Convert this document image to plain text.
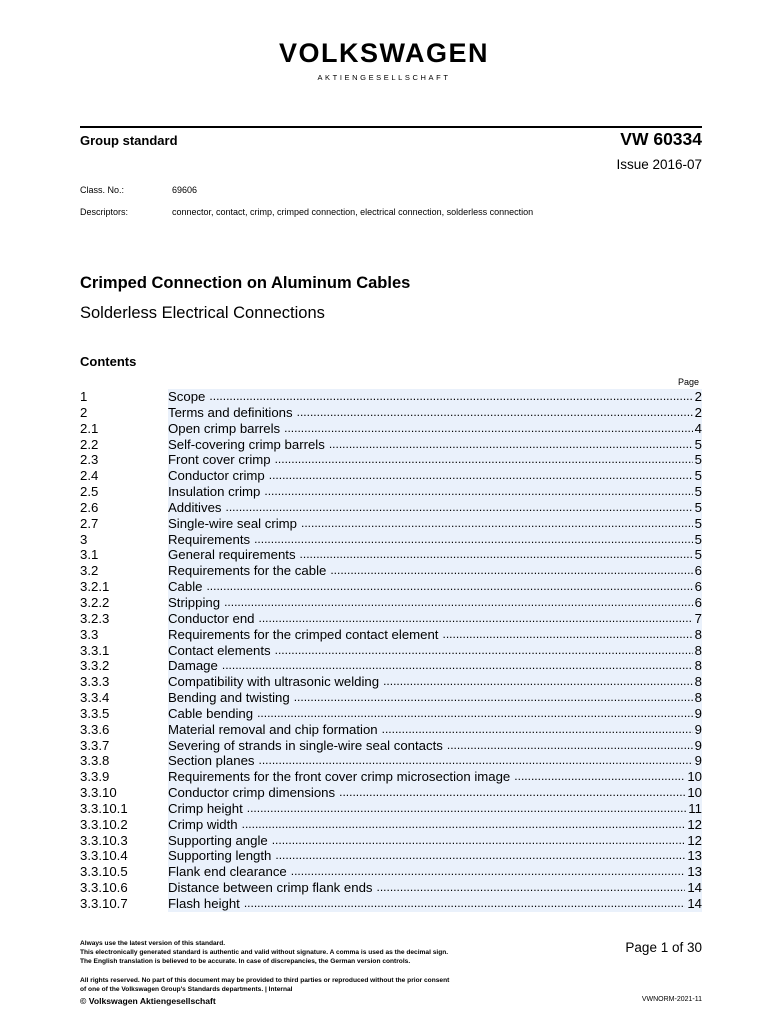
VOLKSWAGEN
AKTIENGESELLSCHAFT
Group standard	VW 60334
Issue 2016-07
Class. No.:	69606
Descriptors:	connector, contact, crimp, crimped connection, electrical connection, solderless connection
Crimped Connection on Aluminum Cables
Solderless Electrical Connections
Contents
Page
1	Scope .....	2
2	Terms and definitions .....	2
2.1	Open crimp barrels .....	4
2.2	Self-covering crimp barrels .....	5
2.3	Front cover crimp .....	5
2.4	Conductor crimp .....	5
2.5	Insulation crimp .....	5
2.6	Additives .....	5
2.7	Single-wire seal crimp .....	5
3	Requirements .....	5
3.1	General requirements .....	5
3.2	Requirements for the cable .....	6
3.2.1	Cable .....	6
3.2.2	Stripping .....	6
3.2.3	Conductor end .....	7
3.3	Requirements for the crimped contact element .....	8
3.3.1	Contact elements .....	8
3.3.2	Damage .....	8
3.3.3	Compatibility with ultrasonic welding .....	8
3.3.4	Bending and twisting .....	8
3.3.5	Cable bending .....	9
3.3.6	Material removal and chip formation .....	9
3.3.7	Severing of strands in single-wire seal contacts .....	9
3.3.8	Section planes .....	9
3.3.9	Requirements for the front cover crimp microsection image .....	10
3.3.10	Conductor crimp dimensions .....	10
3.3.10.1	Crimp height .....	11
3.3.10.2	Crimp width .....	12
3.3.10.3	Supporting angle .....	12
3.3.10.4	Supporting length .....	13
3.3.10.5	Flank end clearance .....	13
3.3.10.6	Distance between crimp flank ends .....	14
3.3.10.7	Flash height .....	14
Always use the latest version of this standard.
This electronically generated standard is authentic and valid without signature. A comma is used as the decimal sign.
The English translation is believed to be accurate. In case of discrepancies, the German version controls.
All rights reserved. No part of this document may be provided to third parties or reproduced without the prior consent
of one of the Volkswagen Group's Standards departments. | Internal
© Volkswagen Aktiengesellschaft
Page 1 of 30
VWNORM-2021-11
